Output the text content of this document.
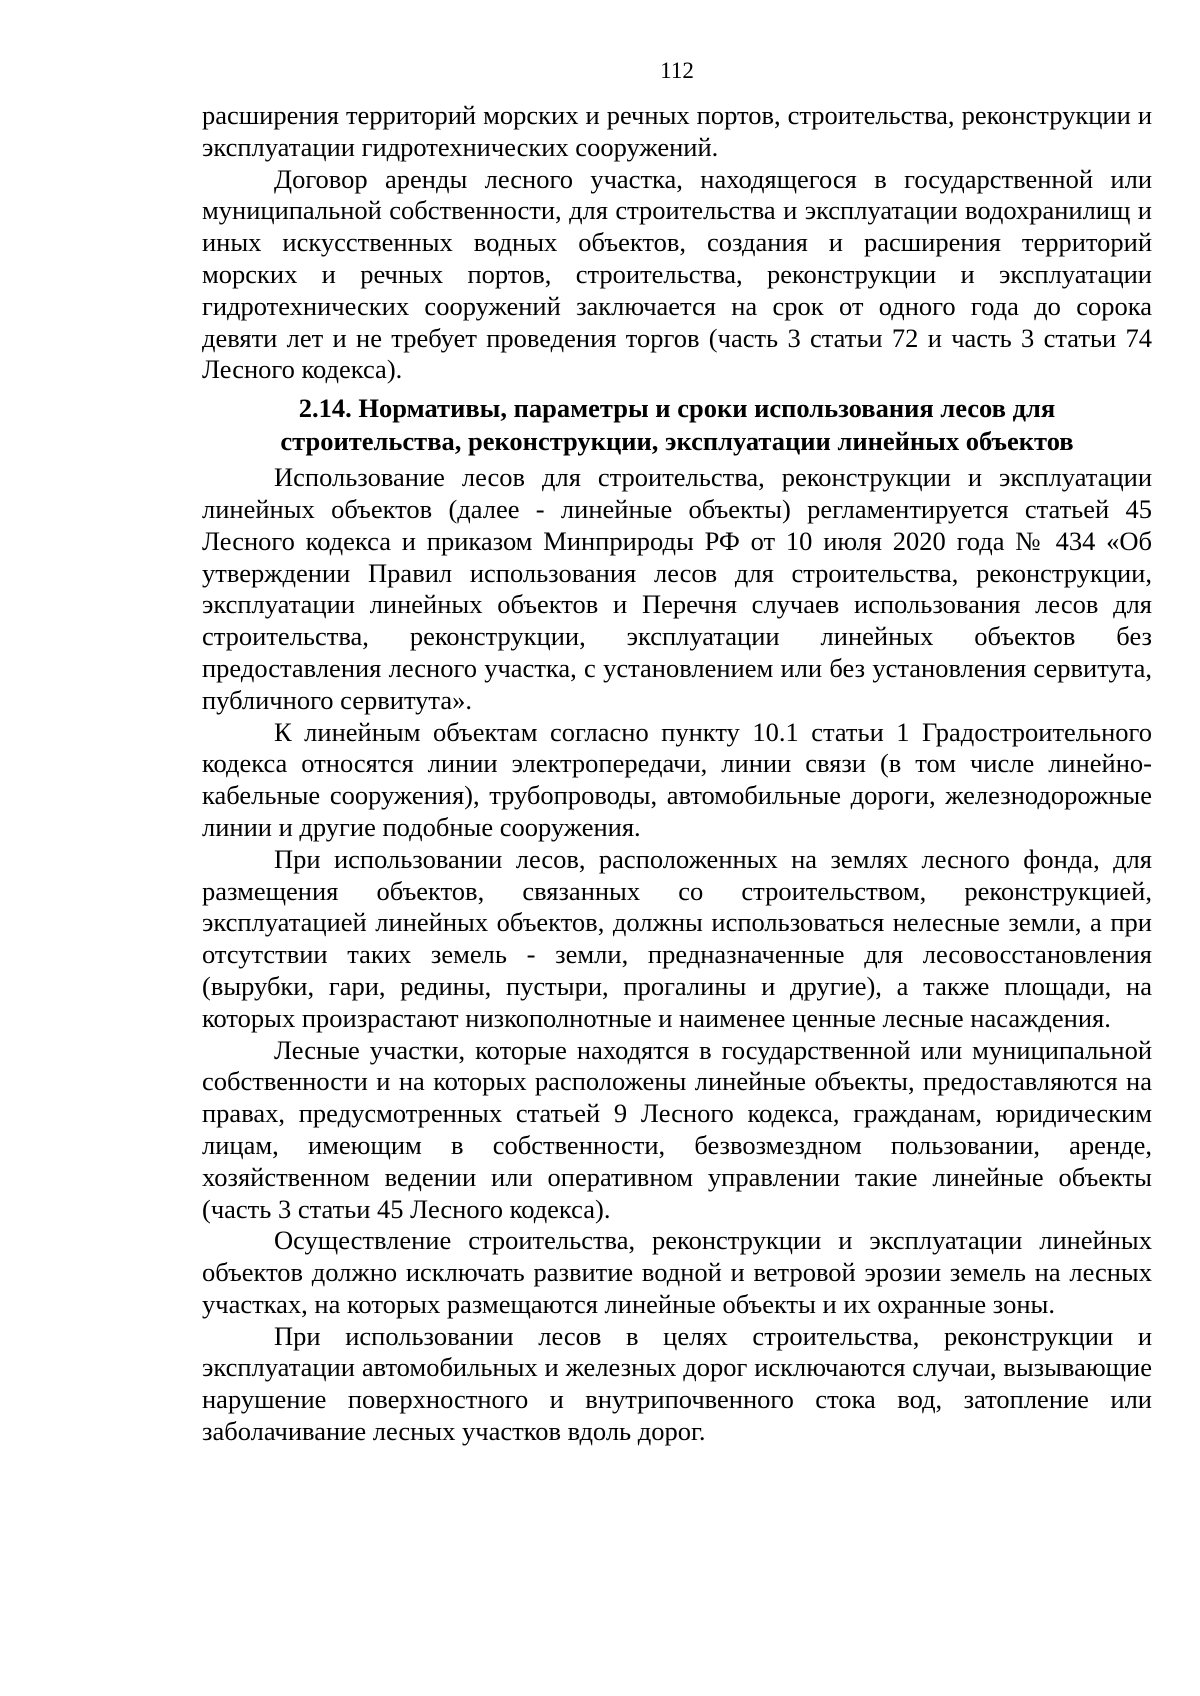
112

расширения территорий морских и речных портов, строительства, реконструкции и эксплуатации гидротехнических сооружений.

Договор аренды лесного участка, находящегося в государственной или муниципальной собственности, для строительства и эксплуатации водохранилищ и иных искусственных водных объектов, создания и расширения территорий морских и речных портов, строительства, реконструкции и эксплуатации гидротехнических сооружений заключается на срок от одного года до сорока девяти лет и не требует проведения торгов (часть 3 статьи 72 и часть 3 статьи 74 Лесного кодекса).

2.14. Нормативы, параметры и сроки использования лесов для
строительства, реконструкции, эксплуатации линейных объектов

Использование лесов для строительства, реконструкции и эксплуатации линейных объектов (далее - линейные объекты) регламентируется статьей 45 Лесного кодекса и приказом Минприроды РФ от 10 июля 2020 года № 434 «Об утверждении Правил использования лесов для строительства, реконструкции, эксплуатации линейных объектов и Перечня случаев использования лесов для строительства, реконструкции, эксплуатации линейных объектов без предоставления лесного участка, с установлением или без установления сервитута, публичного сервитута».

К линейным объектам согласно пункту 10.1 статьи 1 Градостроительного кодекса относятся линии электропередачи, линии связи (в том числе линейно-кабельные сооружения), трубопроводы, автомобильные дороги, железнодорожные линии и другие подобные сооружения.

При использовании лесов, расположенных на землях лесного фонда, для размещения объектов, связанных со строительством, реконструкцией, эксплуатацией линейных объектов, должны использоваться нелесные земли, а при отсутствии таких земель - земли, предназначенные для лесовосстановления (вырубки, гари, редины, пустыри, прогалины и другие), а также площади, на которых произрастают низкополнотные и наименее ценные лесные насаждения.

Лесные участки, которые находятся в государственной или муниципальной собственности и на которых расположены линейные объекты, предоставляются на правах, предусмотренных статьей 9 Лесного кодекса, гражданам, юридическим лицам, имеющим в собственности, безвозмездном пользовании, аренде, хозяйственном ведении или оперативном управлении такие линейные объекты (часть 3 статьи 45 Лесного кодекса).

Осуществление строительства, реконструкции и эксплуатации линейных объектов должно исключать развитие водной и ветровой эрозии земель на лесных участках, на которых размещаются линейные объекты и их охранные зоны.

При использовании лесов в целях строительства, реконструкции и эксплуатации автомобильных и железных дорог исключаются случаи, вызывающие нарушение поверхностного и внутрипочвенного стока вод, затопление или заболачивание лесных участков вдоль дорог.
